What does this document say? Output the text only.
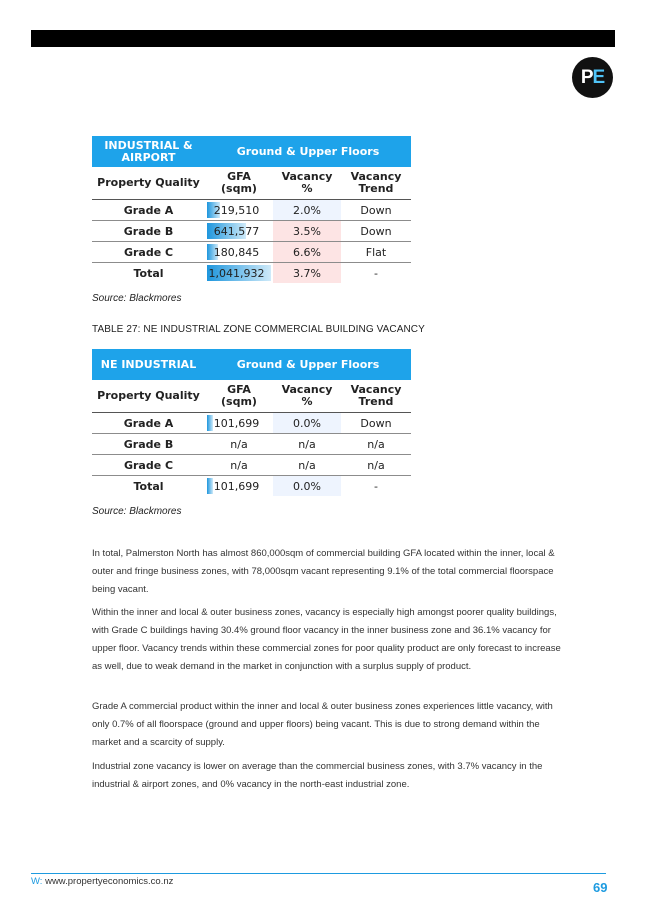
P E
INDUSTRIAL & AIRPORT	Ground & Upper Floors		
Property Quality	GFA (sqm)	Vacancy %	Vacancy Trend
Grade A	219,510	2.0%	Down
Grade B	641,577	3.5%	Down
Grade C	180,845	6.6%	Flat
Total	1,041,932	3.7%	-
Source: Blackmores
TABLE 27: NE INDUSTRIAL ZONE COMMERCIAL BUILDING VACANCY
NE INDUSTRIAL	Ground & Upper Floors		
Property Quality	GFA (sqm)	Vacancy %	Vacancy Trend
Grade A	101,699	0.0%	Down
Grade B	n/a	n/a	n/a
Grade C	n/a	n/a	n/a
Total	101,699	0.0%	-
Source: Blackmores

In total, Palmerston North has almost 860,000sqm of commercial building GFA located within the inner, local & outer and fringe business zones, with 78,000sqm vacant representing 9.1% of the total commercial floorspace being vacant.

Within the inner and local & outer business zones, vacancy is especially high amongst poorer quality buildings, with Grade C buildings having 30.4% ground floor vacancy in the inner business zone and 36.1% vacancy for upper floor. Vacancy trends within these commercial zones for poor quality product are only forecast to increase as well, due to weak demand in the market in conjunction with a surplus supply of product.

Grade A commercial product within the inner and local & outer business zones experiences little vacancy, with only 0.7% of all floorspace (ground and upper floors) being vacant. This is due to strong demand within the market and a scarcity of supply.

Industrial zone vacancy is lower on average than the commercial business zones, with 3.7% vacancy in the industrial & airport zones, and 0% vacancy in the north-east industrial zone.

W: www.propertyeconomics.co.nz	69
